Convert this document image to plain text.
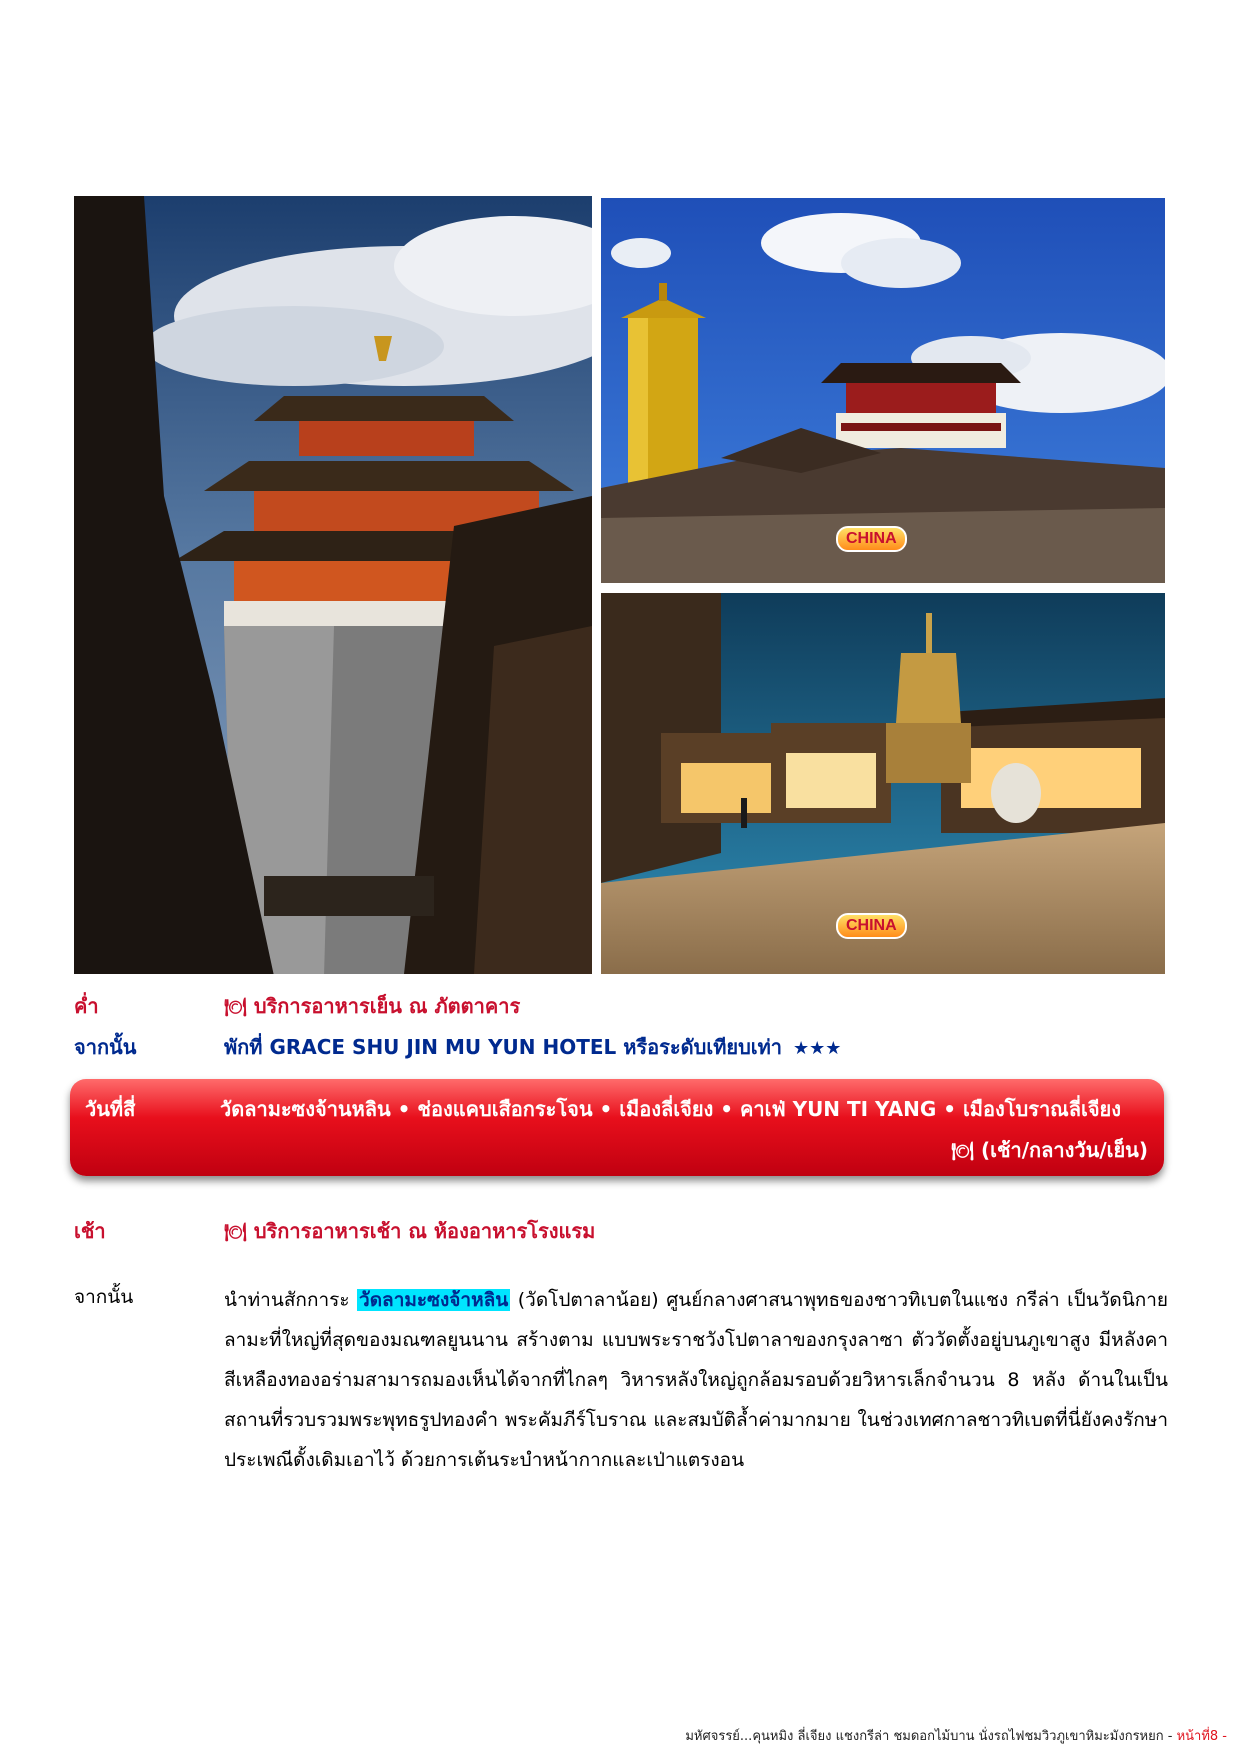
CHINA
CHINA
ค่ำ	🍽 บริการอาหารเย็น ณ ภัตตาคาร
จากนั้น	พักที่ GRACE SHU JIN MU YUN HOTEL หรือระดับเทียบเท่า ★★★
วันที่สี่	วัดลามะซงจ้านหลิน • ช่องแคบเสือกระโจน • เมืองลี่เจียง • คาเฟ่ YUN TI YANG • เมืองโบราณลี่เจียง
🍽 (เช้า/กลางวัน/เย็น)
เช้า	🍽 บริการอาหารเช้า ณ ห้องอาหารโรงแรม
จากนั้น	นำท่านสักการะ วัดลามะซงจ้าหลิน (วัดโปตาลาน้อย) ศูนย์กลางศาสนาพุทธของชาวทิเบตในแชง กรีล่า เป็นวัดนิกายลามะที่ใหญ่ที่สุดของมณฑลยูนนาน สร้างตาม แบบพระราชวังโปตาลาของกรุงลาซา ตัววัดตั้งอยู่บนภูเขาสูง มีหลังคาสีเหลืองทองอร่ามสามารถมองเห็นได้จากที่ไกลๆ วิหารหลังใหญ่ถูกล้อมรอบด้วยวิหารเล็กจำนวน 8 หลัง ด้านในเป็นสถานที่รวบรวมพระพุทธรูปทองคำ พระคัมภีร์โบราณ และสมบัติล้ำค่ามากมาย ในช่วงเทศกาลชาวทิเบตที่นี่ยังคงรักษาประเพณีดั้งเดิมเอาไว้ ด้วยการเต้นระบำหน้ากากและเป่าแตรงอน
มหัศจรรย์...คุนหมิง ลี่เจียง แชงกรีล่า ชมดอกไม้บาน นั่งรถไฟชมวิวภูเขาหิมะมังกรหยก - หน้าที่8 -
